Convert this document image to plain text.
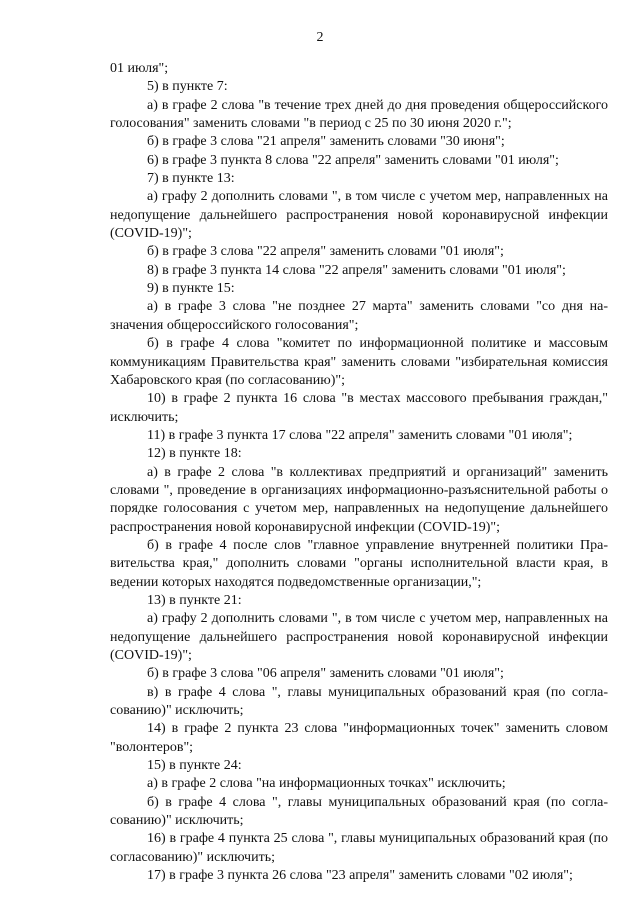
2

01 июля";

5) в пункте 7:

а) в графе 2 слова "в течение трех дней до дня проведения общероссийского голосования" заменить словами "в период с 25 по 30 июня 2020 г.";

б) в графе 3 слова "21 апреля" заменить словами "30 июня";

6) в графе 3 пункта 8 слова "22 апреля" заменить словами "01 июля";

7) в пункте 13:

а) графу 2 дополнить словами ", в том числе с учетом мер, направленных на недопущение дальнейшего распространения новой коронавирусной инфекции (COVID-19)";

б) в графе 3 слова "22 апреля" заменить словами "01 июля";

8) в графе 3 пункта 14 слова "22 апреля" заменить словами "01 июля";

9) в пункте 15:

а) в графе 3 слова "не позднее 27 марта" заменить словами "со дня назначения общероссийского голосования";

б) в графе 4 слова "комитет по информационной политике и массовым коммуникациям Правительства края" заменить словами "избирательная комиссия Хабаровского края (по согласованию)";

10) в графе 2 пункта 16 слова "в местах массового пребывания граждан," исключить;

11) в графе 3 пункта 17 слова "22 апреля" заменить словами "01 июля";

12) в пункте 18:

а) в графе 2 слова "в коллективах предприятий и организаций" заменить словами ", проведение в организациях информационно-разъяснительной работы о порядке голосования с учетом мер, направленных на недопущение дальнейшего распространения новой коронавирусной инфекции (COVID-19)";

б) в графе 4 после слов "главное управление внутренней политики Правительства края," дополнить словами "органы исполнительной власти края, в ведении которых находятся подведомственные организации,";

13) в пункте 21:

а) графу 2 дополнить словами ", в том числе с учетом мер, направленных на недопущение дальнейшего распространения новой коронавирусной инфекции (COVID-19)";

б) в графе 3 слова "06 апреля" заменить словами "01 июля";

в) в графе 4 слова ", главы муниципальных образований края (по согласованию)" исключить;

14) в графе 2 пункта 23 слова "информационных точек" заменить словом "волонтеров";

15) в пункте 24:

а) в графе 2 слова "на информационных точках" исключить;

б) в графе 4 слова ", главы муниципальных образований края (по согласованию)" исключить;

16) в графе 4 пункта 25 слова ", главы муниципальных образований края (по согласованию)" исключить;

17) в графе 3 пункта 26 слова "23 апреля" заменить словами "02 июля";
